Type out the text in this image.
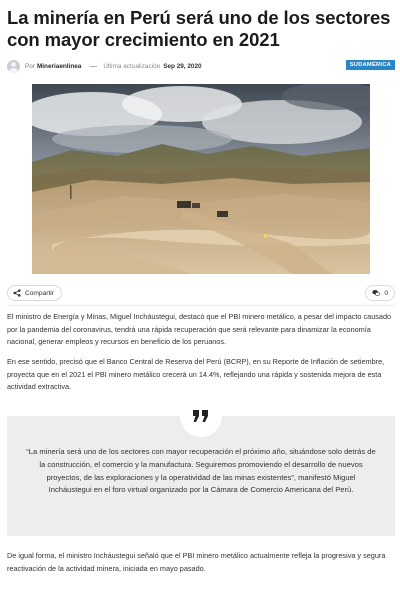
La minería en Perú será uno de los sectores con mayor crecimiento en 2021
Por Mineriaenlinea	Última actualización Sep 29, 2020	SUDAMÉRICA
Compartir	0

El ministro de Energía y Minas, Miguel Incháustegui, destacó que el PBI minero metálico, a pesar del impacto causado por la pandemia del coronavirus, tendrá una rápida recuperación que será relevante para dinamizar la economía nacional, generar empleos y recursos en beneficio de los peruanos.

En ese sentido, precisó que el Banco Central de Reserva del Perú (BCRP), en su Reporte de Inflación de setiembre, proyecta que en el 2021 el PBI minero metálico crecerá un 14.4%, reflejando una rápida y sostenida mejora de esta actividad extractiva.

“La minería será uno de los sectores con mayor recuperación el próximo año, situándose solo detrás de la construcción, el comercio y la manufactura. Seguiremos promoviendo el desarrollo de nuevos proyectos, de las exploraciones y la operatividad de las minas existentes”, manifestó Miguel Incháustegui en el foro virtual organizado por la Cámara de Comercio Americana del Perú.

De igual forma, el ministro Incháustegui señaló que el PBI minero metálico actualmente refleja la progresiva y segura reactivación de la actividad minera, iniciada en mayo pasado.
